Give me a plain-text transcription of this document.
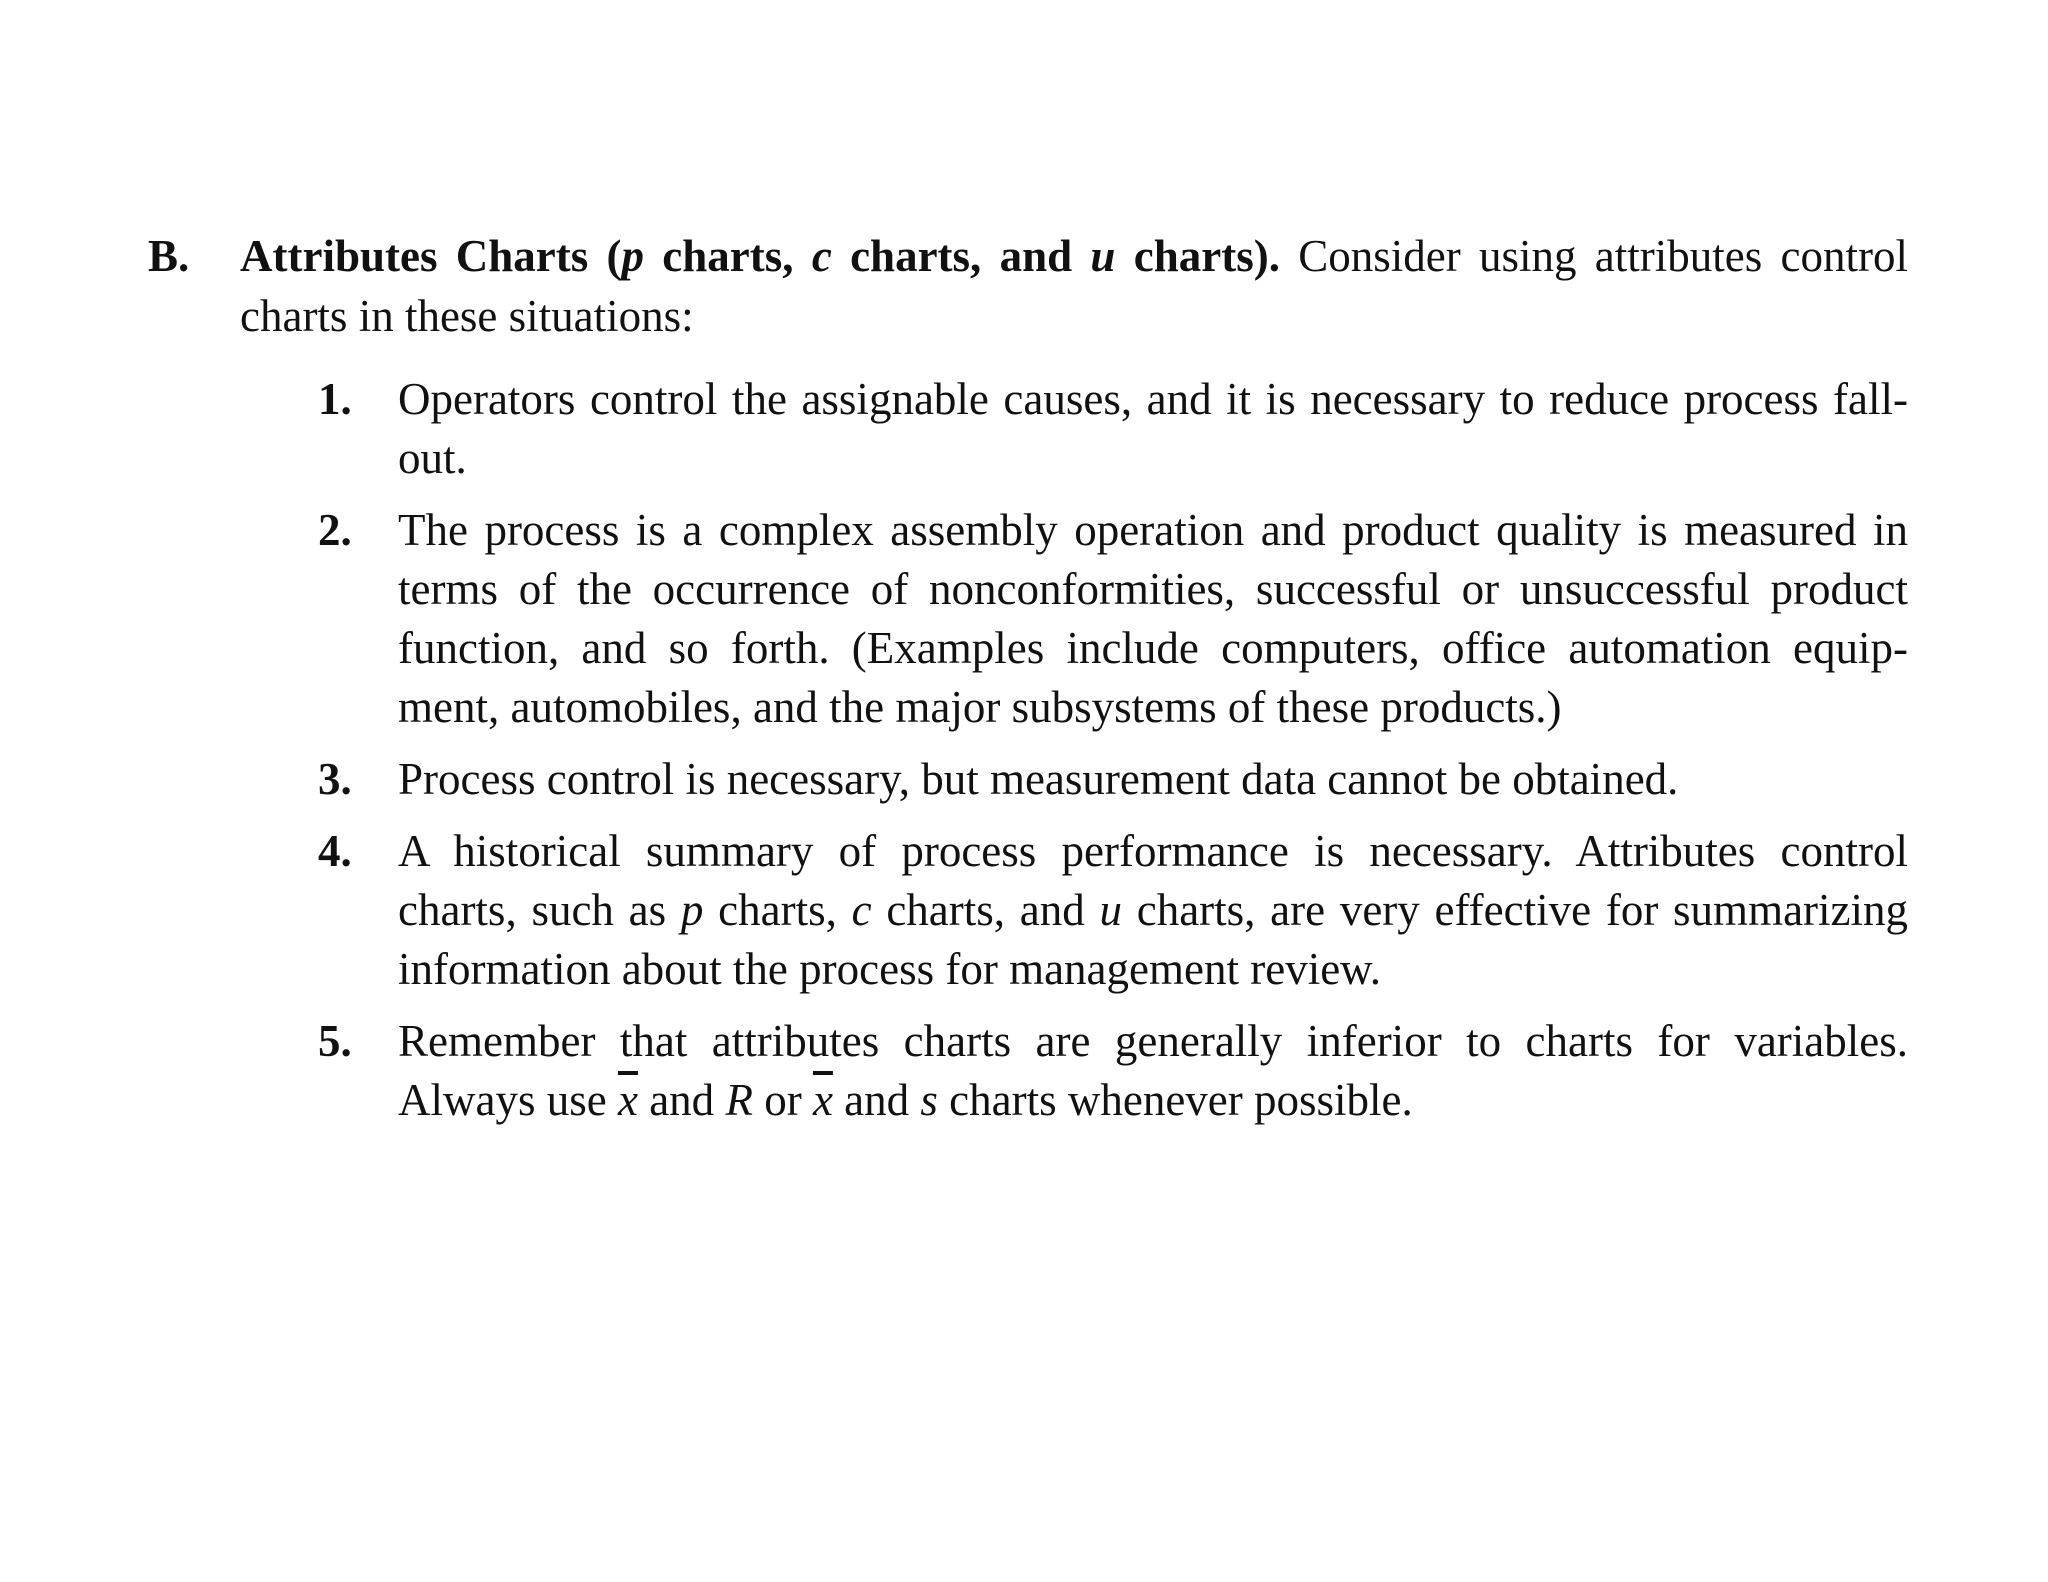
B. Attributes Charts (p charts, c charts, and u charts). Consider using attributes control charts in these situations:
1. Operators control the assignable causes, and it is necessary to reduce process fall-out.
2. The process is a complex assembly operation and product quality is measured in terms of the occurrence of nonconformities, successful or unsuccessful product function, and so forth. (Examples include computers, office automation equip-ment, automobiles, and the major subsystems of these products.)
3. Process control is necessary, but measurement data cannot be obtained.
4. A historical summary of process performance is necessary. Attributes control charts, such as p charts, c charts, and u charts, are very effective for summarizing information about the process for management review.
5. Remember that attributes charts are generally inferior to charts for variables. Always use $\overline{x}$ and R or $\overline{x}$ and s charts whenever possible.
